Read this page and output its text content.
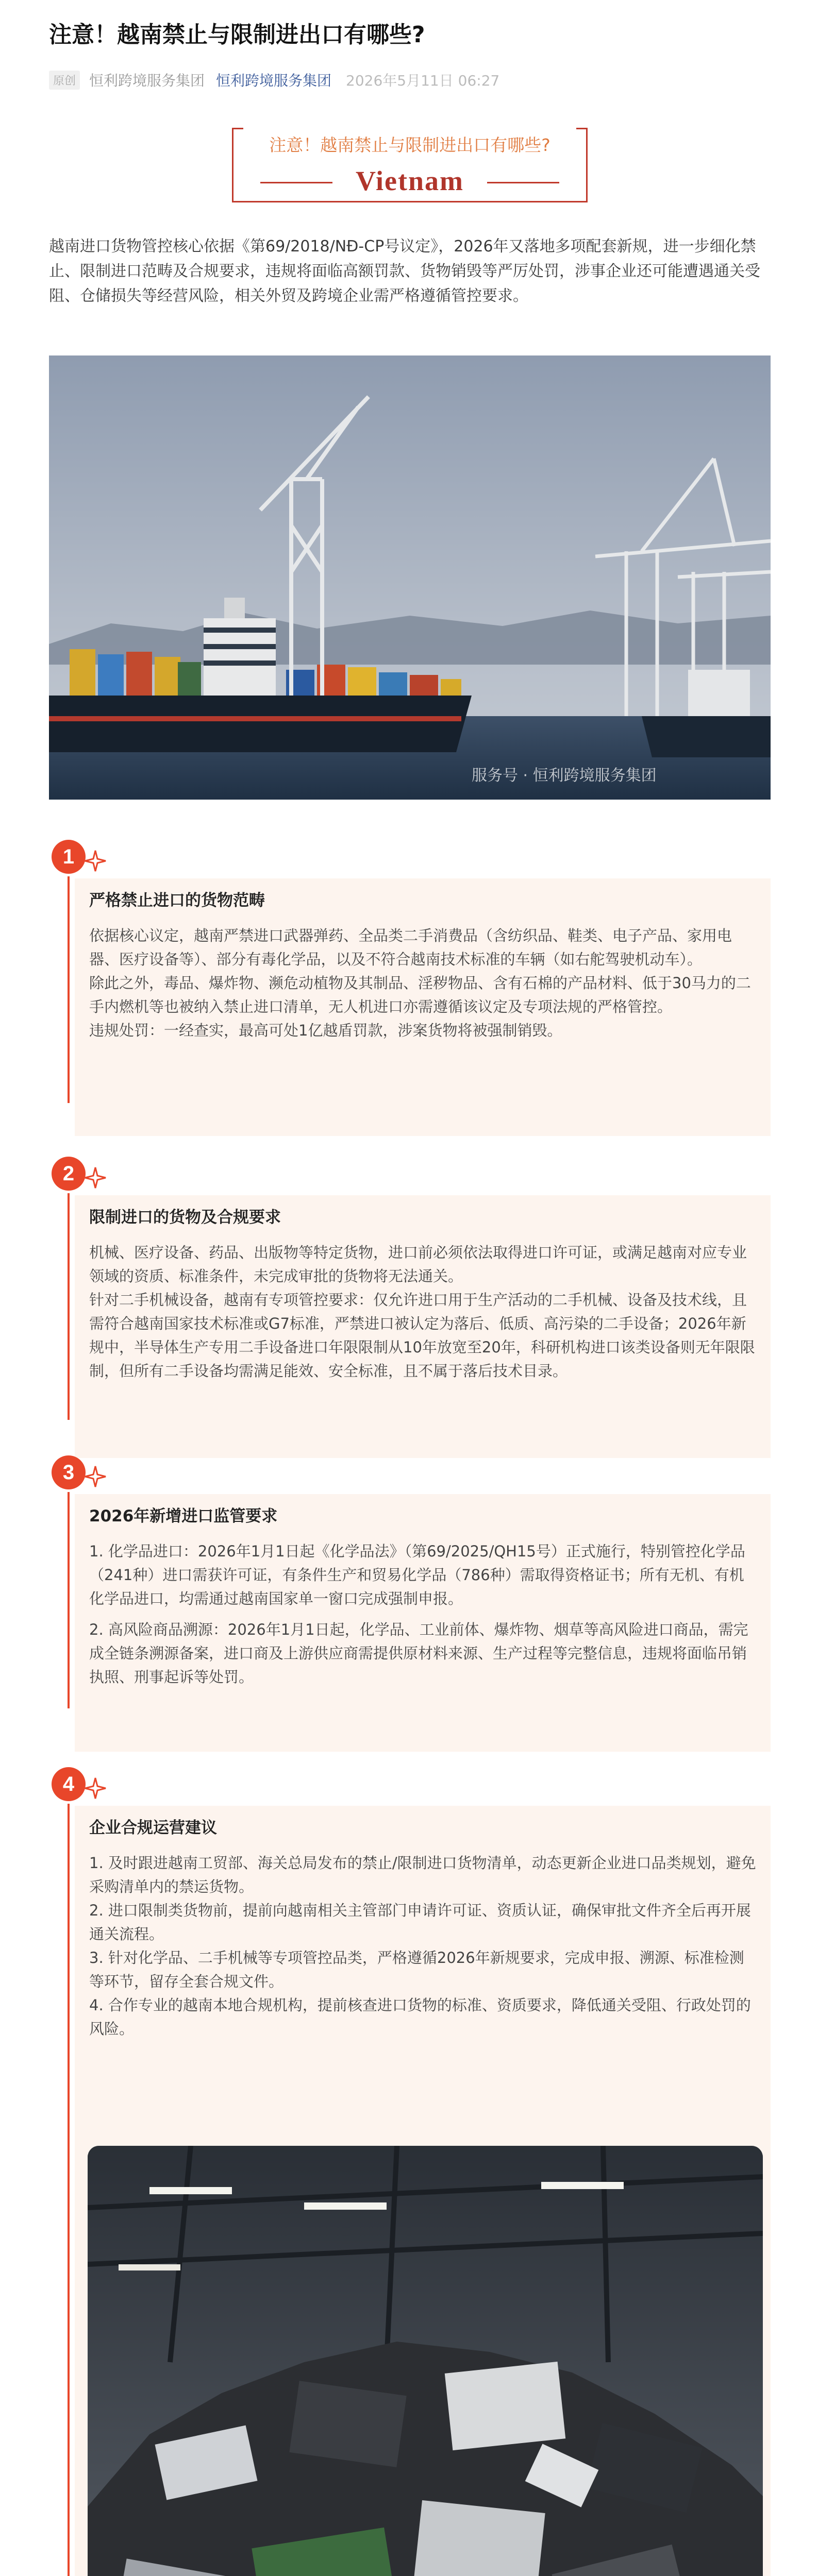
注意！越南禁止与限制进出口有哪些?
原创 恒利跨境服务集团 恒利跨境服务集团 2026年5月11日 06:27
注意！越南禁止与限制进出口有哪些?
Vietnam

越南进口货物管控核心依据《第69/2018/NĐ-CP号议定》，2026年又落地多项配套新规，进一步细化禁止、限制进口范畴及合规要求，违规将面临高额罚款、货物销毁等严厉处罚，涉事企业还可能遭遇通关受阻、仓储损失等经营风险，相关外贸及跨境企业需严格遵循管控要求。

服务号 · 恒利跨境服务集团
1
严格禁止进口的货物范畴

依据核心议定，越南严禁进口武器弹药、全品类二手消费品（含纺织品、鞋类、电子产品、家用电器、医疗设备等）、部分有毒化学品，以及不符合越南技术标准的车辆（如右舵驾驶机动车）。

除此之外，毒品、爆炸物、濒危动植物及其制品、淫秽物品、含有石棉的产品材料、低于30马力的二手内燃机等也被纳入禁止进口清单，无人机进口亦需遵循该议定及专项法规的严格管控。

违规处罚：一经查实，最高可处1亿越盾罚款，涉案货物将被强制销毁。

2
限制进口的货物及合规要求

机械、医疗设备、药品、出版物等特定货物，进口前必须依法取得进口许可证，或满足越南对应专业领域的资质、标准条件，未完成审批的货物将无法通关。

针对二手机械设备，越南有专项管控要求：仅允许进口用于生产活动的二手机械、设备及技术线，且需符合越南国家技术标准或G7标准，严禁进口被认定为落后、低质、高污染的二手设备；2026年新规中，半导体生产专用二手设备进口年限限制从10年放宽至20年，科研机构进口该类设备则无年限限制，但所有二手设备均需满足能效、安全标准，且不属于落后技术目录。

3
2026年新增进口监管要求

1. 化学品进口：2026年1月1日起《化学品法》（第69/2025/QH15号）正式施行，特别管控化学品（241种）进口需获许可证，有条件生产和贸易化学品（786种）需取得资格证书；所有无机、有机化学品进口，均需通过越南国家单一窗口完成强制申报。

2. 高风险商品溯源：2026年1月1日起，化学品、工业前体、爆炸物、烟草等高风险进口商品，需完成全链条溯源备案，进口商及上游供应商需提供原材料来源、生产过程等完整信息，违规将面临吊销执照、刑事起诉等处罚。

4
企业合规运营建议

1. 及时跟进越南工贸部、海关总局发布的禁止/限制进口货物清单，动态更新企业进口品类规划，避免采购清单内的禁运货物。

2. 进口限制类货物前，提前向越南相关主管部门申请许可证、资质认证，确保审批文件齐全后再开展通关流程。

3. 针对化学品、二手机械等专项管控品类，严格遵循2026年新规要求，完成申报、溯源、标准检测等环节，留存全套合规文件。

4. 合作专业的越南本地合规机构，提前核查进口货物的标准、资质要求，降低通关受阻、行政处罚的风险。
